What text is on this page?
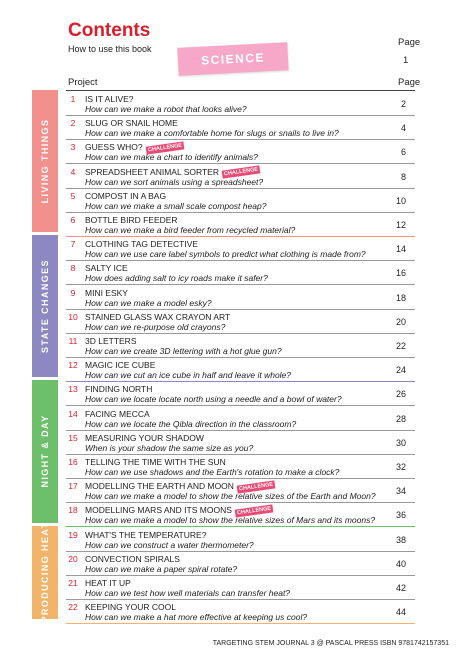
Contents
How to use this book
Page
1
SCIENCE
Project	Page
LIVING THINGS
STATE CHANGES
NIGHT & DAY
PRODUCING HEAT
1	IS IT ALIVE?
How can we make a robot that looks alive?	2
2	SLUG OR SNAIL HOME
How can we make a comfortable home for slugs or snails to live in?	4
3	GUESS WHO? CHALLENGE
How can we make a chart to identify animals?	6
4	SPREADSHEET ANIMAL SORTER CHALLENGE
How can we sort animals using a spreadsheet?	8
5	COMPOST IN A BAG
How can we make a small scale compost heap?	10
6	BOTTLE BIRD FEEDER
How can we make a bird feeder from recycled material?	12
7	CLOTHING TAG DETECTIVE
How can we use care label symbols to predict what clothing is made from?	14
8	SALTY ICE
How does adding salt to icy roads make it safer?	16
9	MINI ESKY
How can we make a model esky?	18
10 STAINED GLASS WAX CRAYON ART
How can we re-purpose old crayons?	20
11 3D LETTERS
How can we create 3D lettering with a hot glue gun?	22
12 MAGIC ICE CUBE
How can we cut an ice cube in half and leave it whole?	24
13 FINDING NORTH
How can we locate locate north using a needle and a bowl of water?	26
14 FACING MECCA
How can we locate the Qibla direction in the classroom?	28
15 MEASURING YOUR SHADOW
When is your shadow the same size as you?	30
16 TELLING THE TIME WITH THE SUN
How can we use shadows and the Earth's rotation to make a clock?	32
17 MODELLING THE EARTH AND MOON CHALLENGE
How can we make a model to show the relative sizes of the Earth and Moon? 34
18 MODELLING MARS AND ITS MOONS CHALLENGE
How can we make a model to show the relative sizes of Mars and its moons? 36
19 WHAT'S THE TEMPERATURE?
How can we construct a water thermometer?	38
20 CONVECTION SPIRALS
How can we make a paper spiral rotate?	40
21 HEAT IT UP
How can we test how well materials can transfer heat?	42
22 KEEPING YOUR COOL
How can we make a hat more effective at keeping us cool?	44
TARGETING STEM JOURNAL 3 @ PASCAL PRESS ISBN 9781742157351
